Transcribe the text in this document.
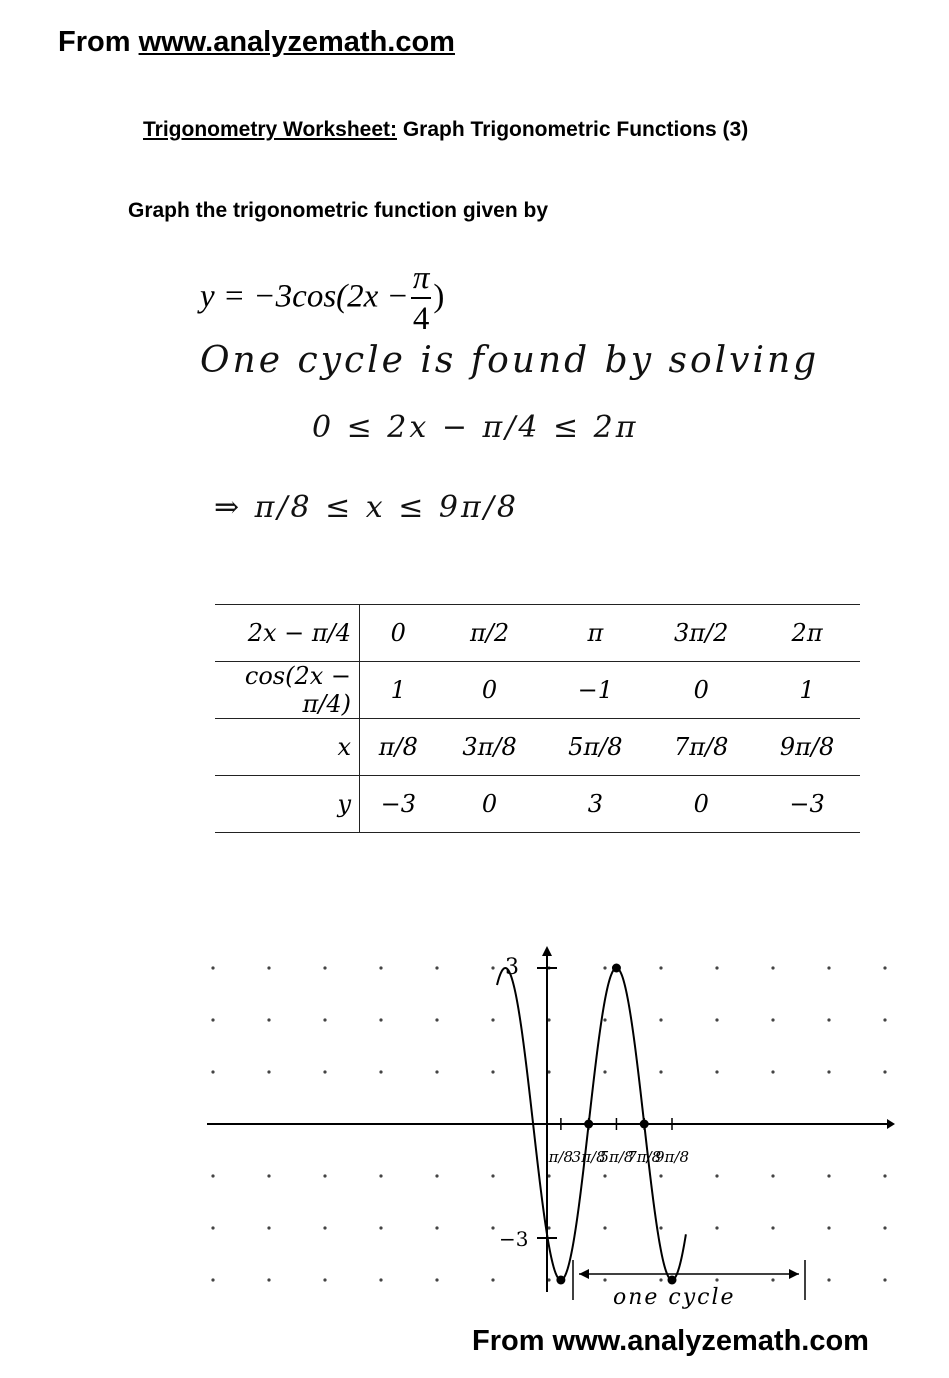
From www.analyzemath.com
Trigonometry Worksheet: Graph Trigonometric Functions (3)
Graph the trigonometric function given by
$y = -3\cos(2x - \frac{\pi}{4}$ )
One cycle is found by solving
0 ≤ 2x − π/4 ≤ 2π
⇒ π/8 ≤ x ≤ 9π/8
2x − π/4	0	π/2	π	3π/2	2π
cos(2x − π/4)	1	0	−1	0	1
x	π/8	3π/8	5π/8	7π/8	9π/8
y	−3	0	3	0	−3
3
−3
π/8
3π/8
5π/8
7π/8
9π/8
one cycle
From www.analyzemath.com
